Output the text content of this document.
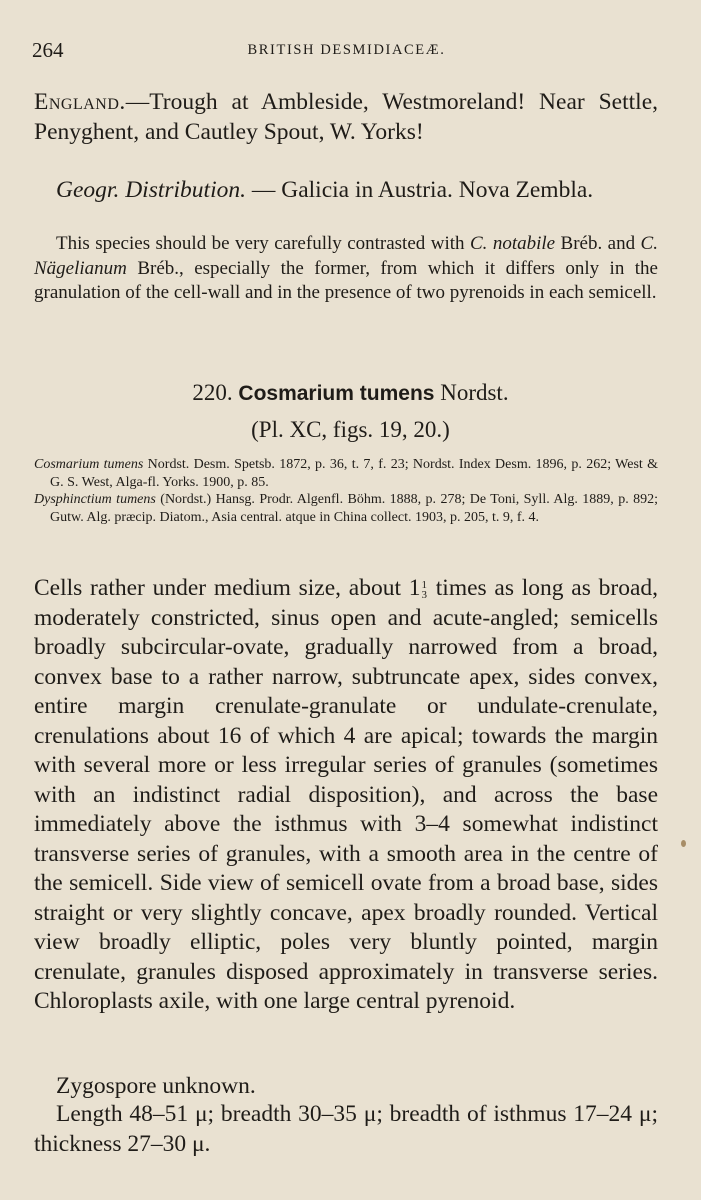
264	BRITISH DESMIDIACEÆ.
England.—Trough at Ambleside, Westmoreland! Near Settle, Penyghent, and Cautley Spout, W. Yorks!
Geogr. Distribution. — Galicia in Austria. Nova Zembla.
This species should be very carefully contrasted with C. notabile Bréb. and C. Nägelianum Bréb., especially the former, from which it differs only in the granulation of the cell-wall and in the presence of two pyrenoids in each semicell.
220. Cosmarium tumens Nordst.
(Pl. XC, figs. 19, 20.)

Cosmarium tumens Nordst. Desm. Spetsb. 1872, p. 36, t. 7, f. 23; Nordst. Index Desm. 1896, p. 262; West & G. S. West, Alga-fl. Yorks. 1900, p. 85.

Dysphinctium tumens (Nordst.) Hansg. Prodr. Algenfl. Böhm. 1888, p. 278; De Toni, Syll. Alg. 1889, p. 892; Gutw. Alg. præcip. Diatom., Asia central. atque in China collect. 1903, p. 205, t. 9, f. 4.

Cells rather under medium size, about 1 1
3 times as long as broad, moderately constricted, sinus open and acute-angled; semicells broadly subcircular-ovate, gradually narrowed from a broad, convex base to a rather narrow, subtruncate apex, sides convex, entire margin crenulate-granulate or undulate-crenulate, crenulations about 16 of which 4 are apical; towards the margin with several more or less irregular series of granules (sometimes with an indistinct radial disposition), and across the base immediately above the isthmus with 3–4 somewhat indistinct transverse series of granules, with a smooth area in the centre of the semicell. Side view of semicell ovate from a broad base, sides straight or very slightly concave, apex broadly rounded. Vertical view broadly elliptic, poles very bluntly pointed, margin crenulate, granules disposed approximately in transverse series. Chloroplasts axile, with one large central pyrenoid.
Zygospore unknown.
Length 48–51 μ; breadth 30–35 μ; breadth of isthmus 17–24 μ; thickness 27–30 μ.
